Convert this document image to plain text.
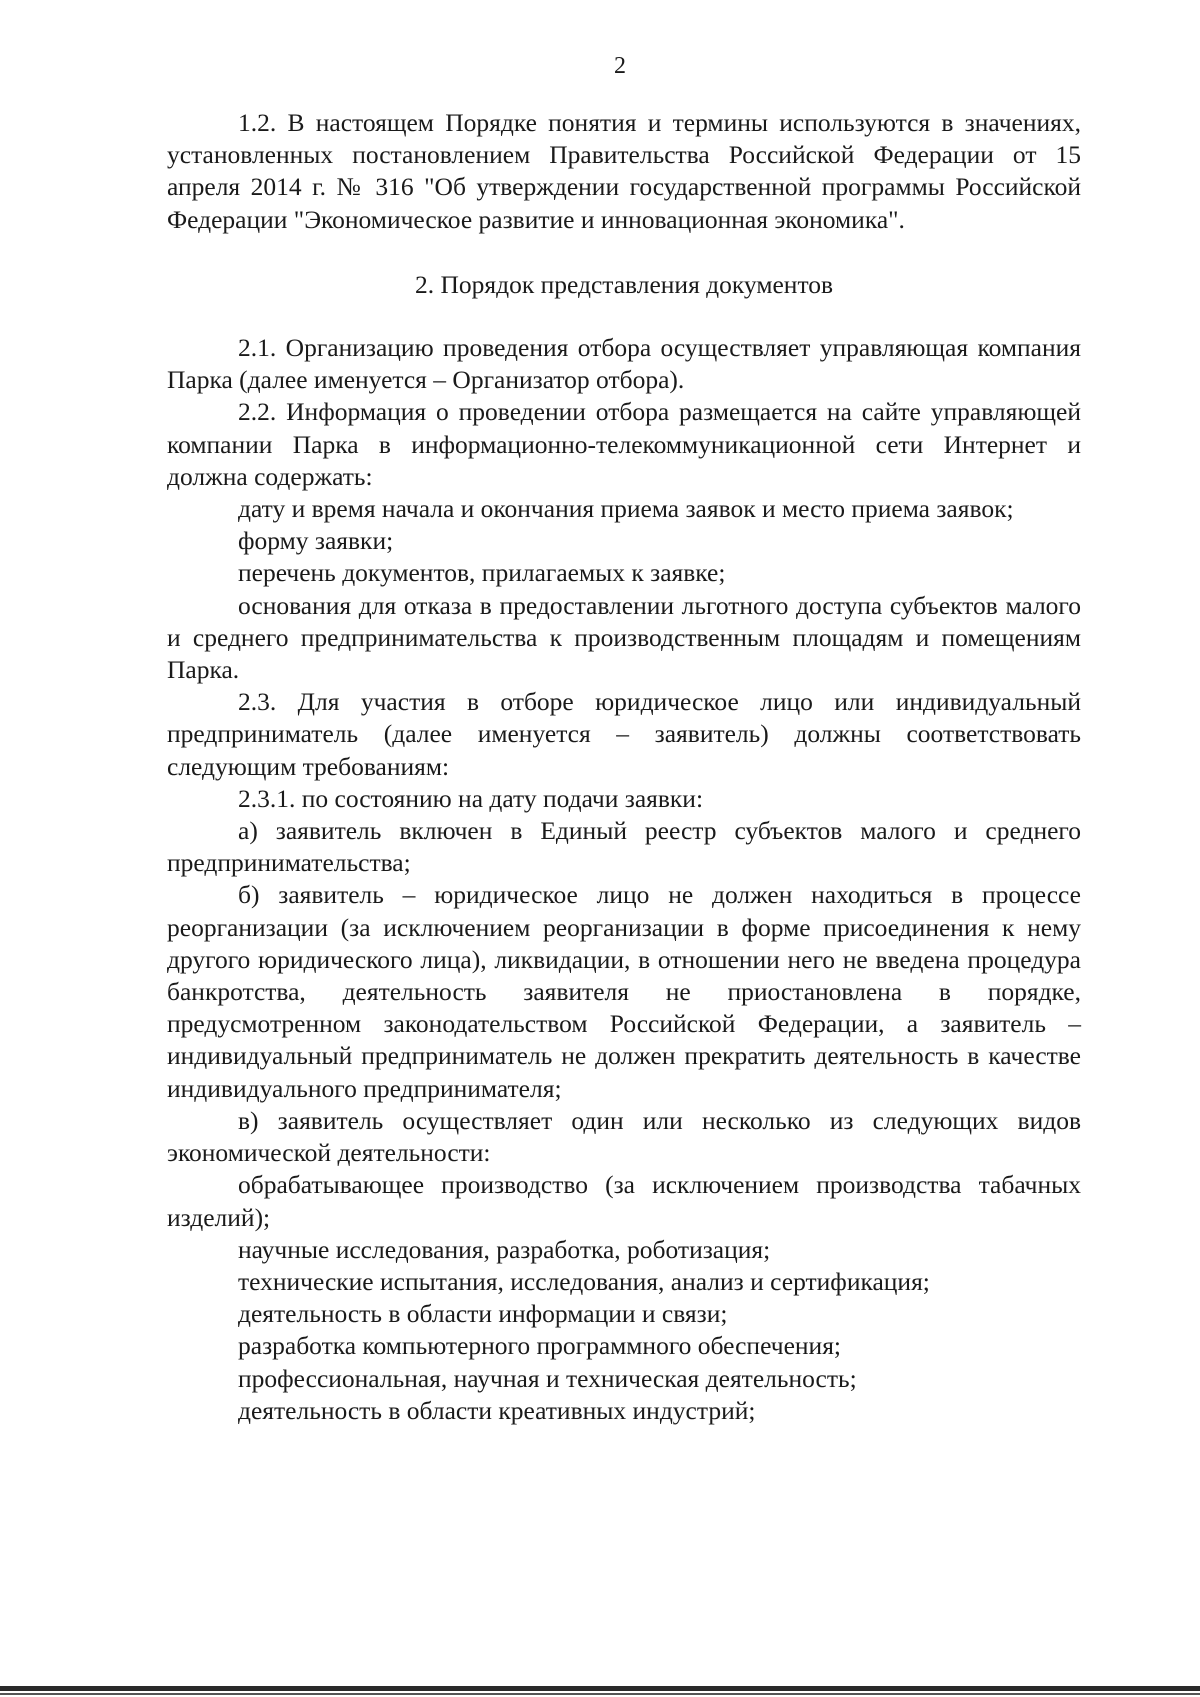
2

1.2. В настоящем Порядке понятия и термины используются в значениях, установленных постановлением Правительства Российской Федерации от 15 апреля 2014 г. № 316 "Об утверждении государственной программы Российской Федерации "Экономическое развитие и инновационная экономика".

2. Порядок представления документов

2.1. Организацию проведения отбора осуществляет управляющая компания Парка (далее именуется – Организатор отбора).

2.2. Информация о проведении отбора размещается на сайте управляющей компании Парка в информационно-телекоммуникационной сети Интернет и должна содержать:

дату и время начала и окончания приема заявок и место приема заявок;

форму заявки;

перечень документов, прилагаемых к заявке;

основания для отказа в предоставлении льготного доступа субъектов малого и среднего предпринимательства к производственным площадям и помещениям Парка.

2.3. Для участия в отборе юридическое лицо или индивидуальный предприниматель (далее именуется – заявитель) должны соответствовать следующим требованиям:

2.3.1. по состоянию на дату подачи заявки:

а) заявитель включен в Единый реестр субъектов малого и среднего предпринимательства;

б) заявитель – юридическое лицо не должен находиться в процессе реорганизации (за исключением реорганизации в форме присоединения к нему другого юридического лица), ликвидации, в отношении него не введена процедура банкротства, деятельность заявителя не приостановлена в порядке, предусмотренном законодательством Российской Федерации, а заявитель – индивидуальный предприниматель не должен прекратить деятельность в качестве индивидуального предпринимателя;

в) заявитель осуществляет один или несколько из следующих видов экономической деятельности:

обрабатывающее производство (за исключением производства табачных изделий);

научные исследования, разработка, роботизация;

технические испытания, исследования, анализ и сертификация;

деятельность в области информации и связи;

разработка компьютерного программного обеспечения;

профессиональная, научная и техническая деятельность;

деятельность в области креативных индустрий;
